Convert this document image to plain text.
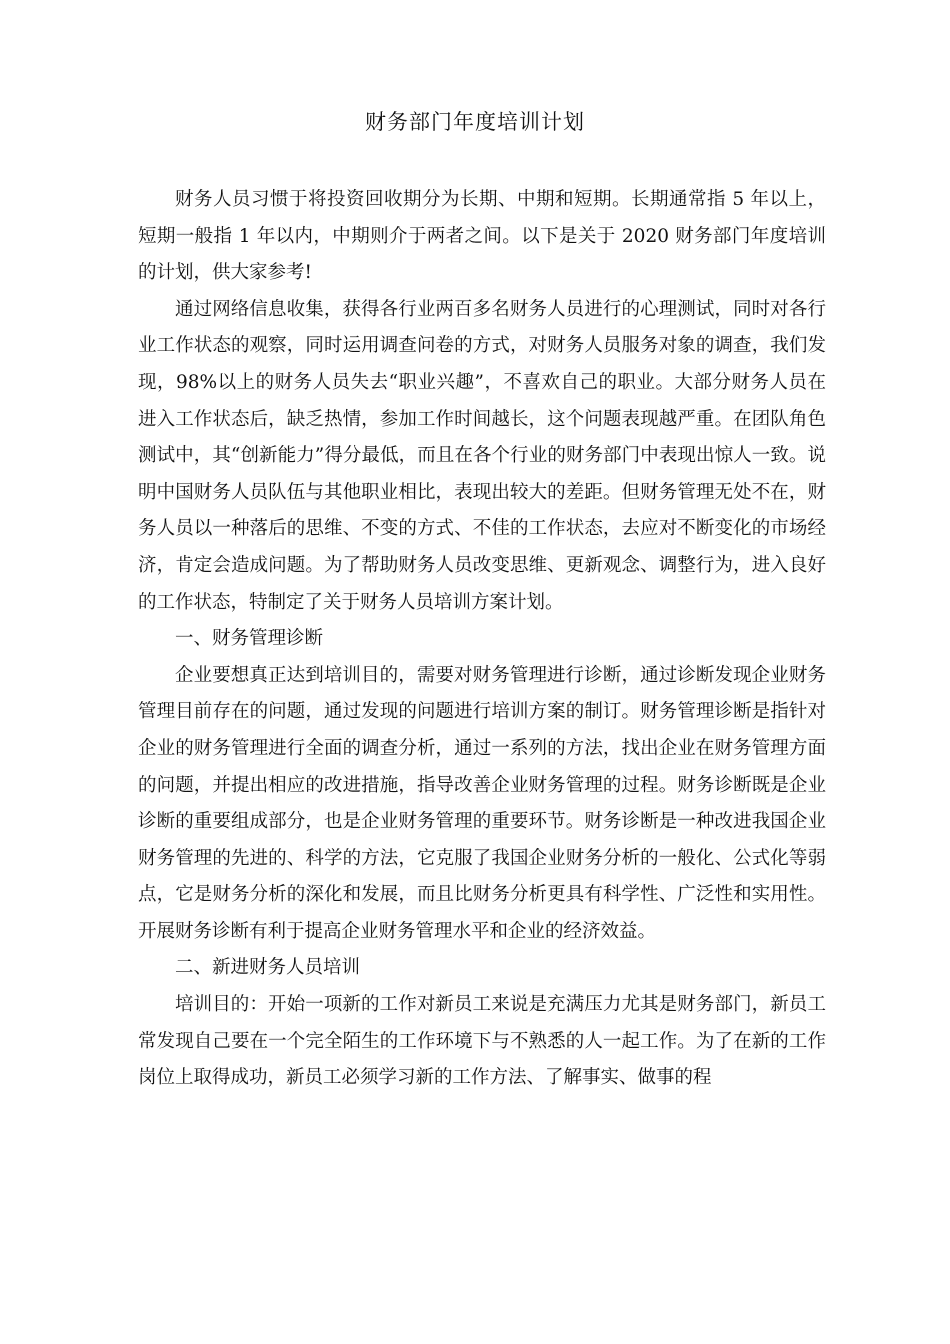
财务部门年度培训计划

财务人员习惯于将投资回收期分为长期、中期和短期。长期通常指 5 年以上，短期一般指 1 年以内，中期则介于两者之间。以下是关于 2020 财务部门年度培训的计划，供大家参考!

通过网络信息收集，获得各行业两百多名财务人员进行的心理测试，同时对各行业工作状态的观察，同时运用调查问卷的方式，对财务人员服务对象的调查，我们发现，98%以上的财务人员失去“职业兴趣”，不喜欢自己的职业。大部分财务人员在进入工作状态后，缺乏热情，参加工作时间越长，这个问题表现越严重。在团队角色测试中，其“创新能力”得分最低，而且在各个行业的财务部门中表现出惊人一致。说明中国财务人员队伍与其他职业相比，表现出较大的差距。但财务管理无处不在，财务人员以一种落后的思维、不变的方式、不佳的工作状态，去应对不断变化的市场经济，肯定会造成问题。为了帮助财务人员改变思维、更新观念、调整行为，进入良好的工作状态，特制定了关于财务人员培训方案计划。

一、财务管理诊断

企业要想真正达到培训目的，需要对财务管理进行诊断，通过诊断发现企业财务管理目前存在的问题，通过发现的问题进行培训方案的制订。财务管理诊断是指针对企业的财务管理进行全面的调查分析，通过一系列的方法，找出企业在财务管理方面的问题，并提出相应的改进措施，指导改善企业财务管理的过程。财务诊断既是企业诊断的重要组成部分，也是企业财务管理的重要环节。财务诊断是一种改进我国企业财务管理的先进的、科学的方法，它克服了我国企业财务分析的一般化、公式化等弱点，它是财务分析的深化和发展，而且比财务分析更具有科学性、广泛性和实用性。开展财务诊断有利于提高企业财务管理水平和企业的经济效益。

二、新进财务人员培训

培训目的：开始一项新的工作对新员工来说是充满压力尤其是财务部门，新员工常发现自己要在一个完全陌生的工作环境下与不熟悉的人一起工作。为了在新的工作岗位上取得成功，新员工必须学习新的工作方法、了解事实、做事的程
